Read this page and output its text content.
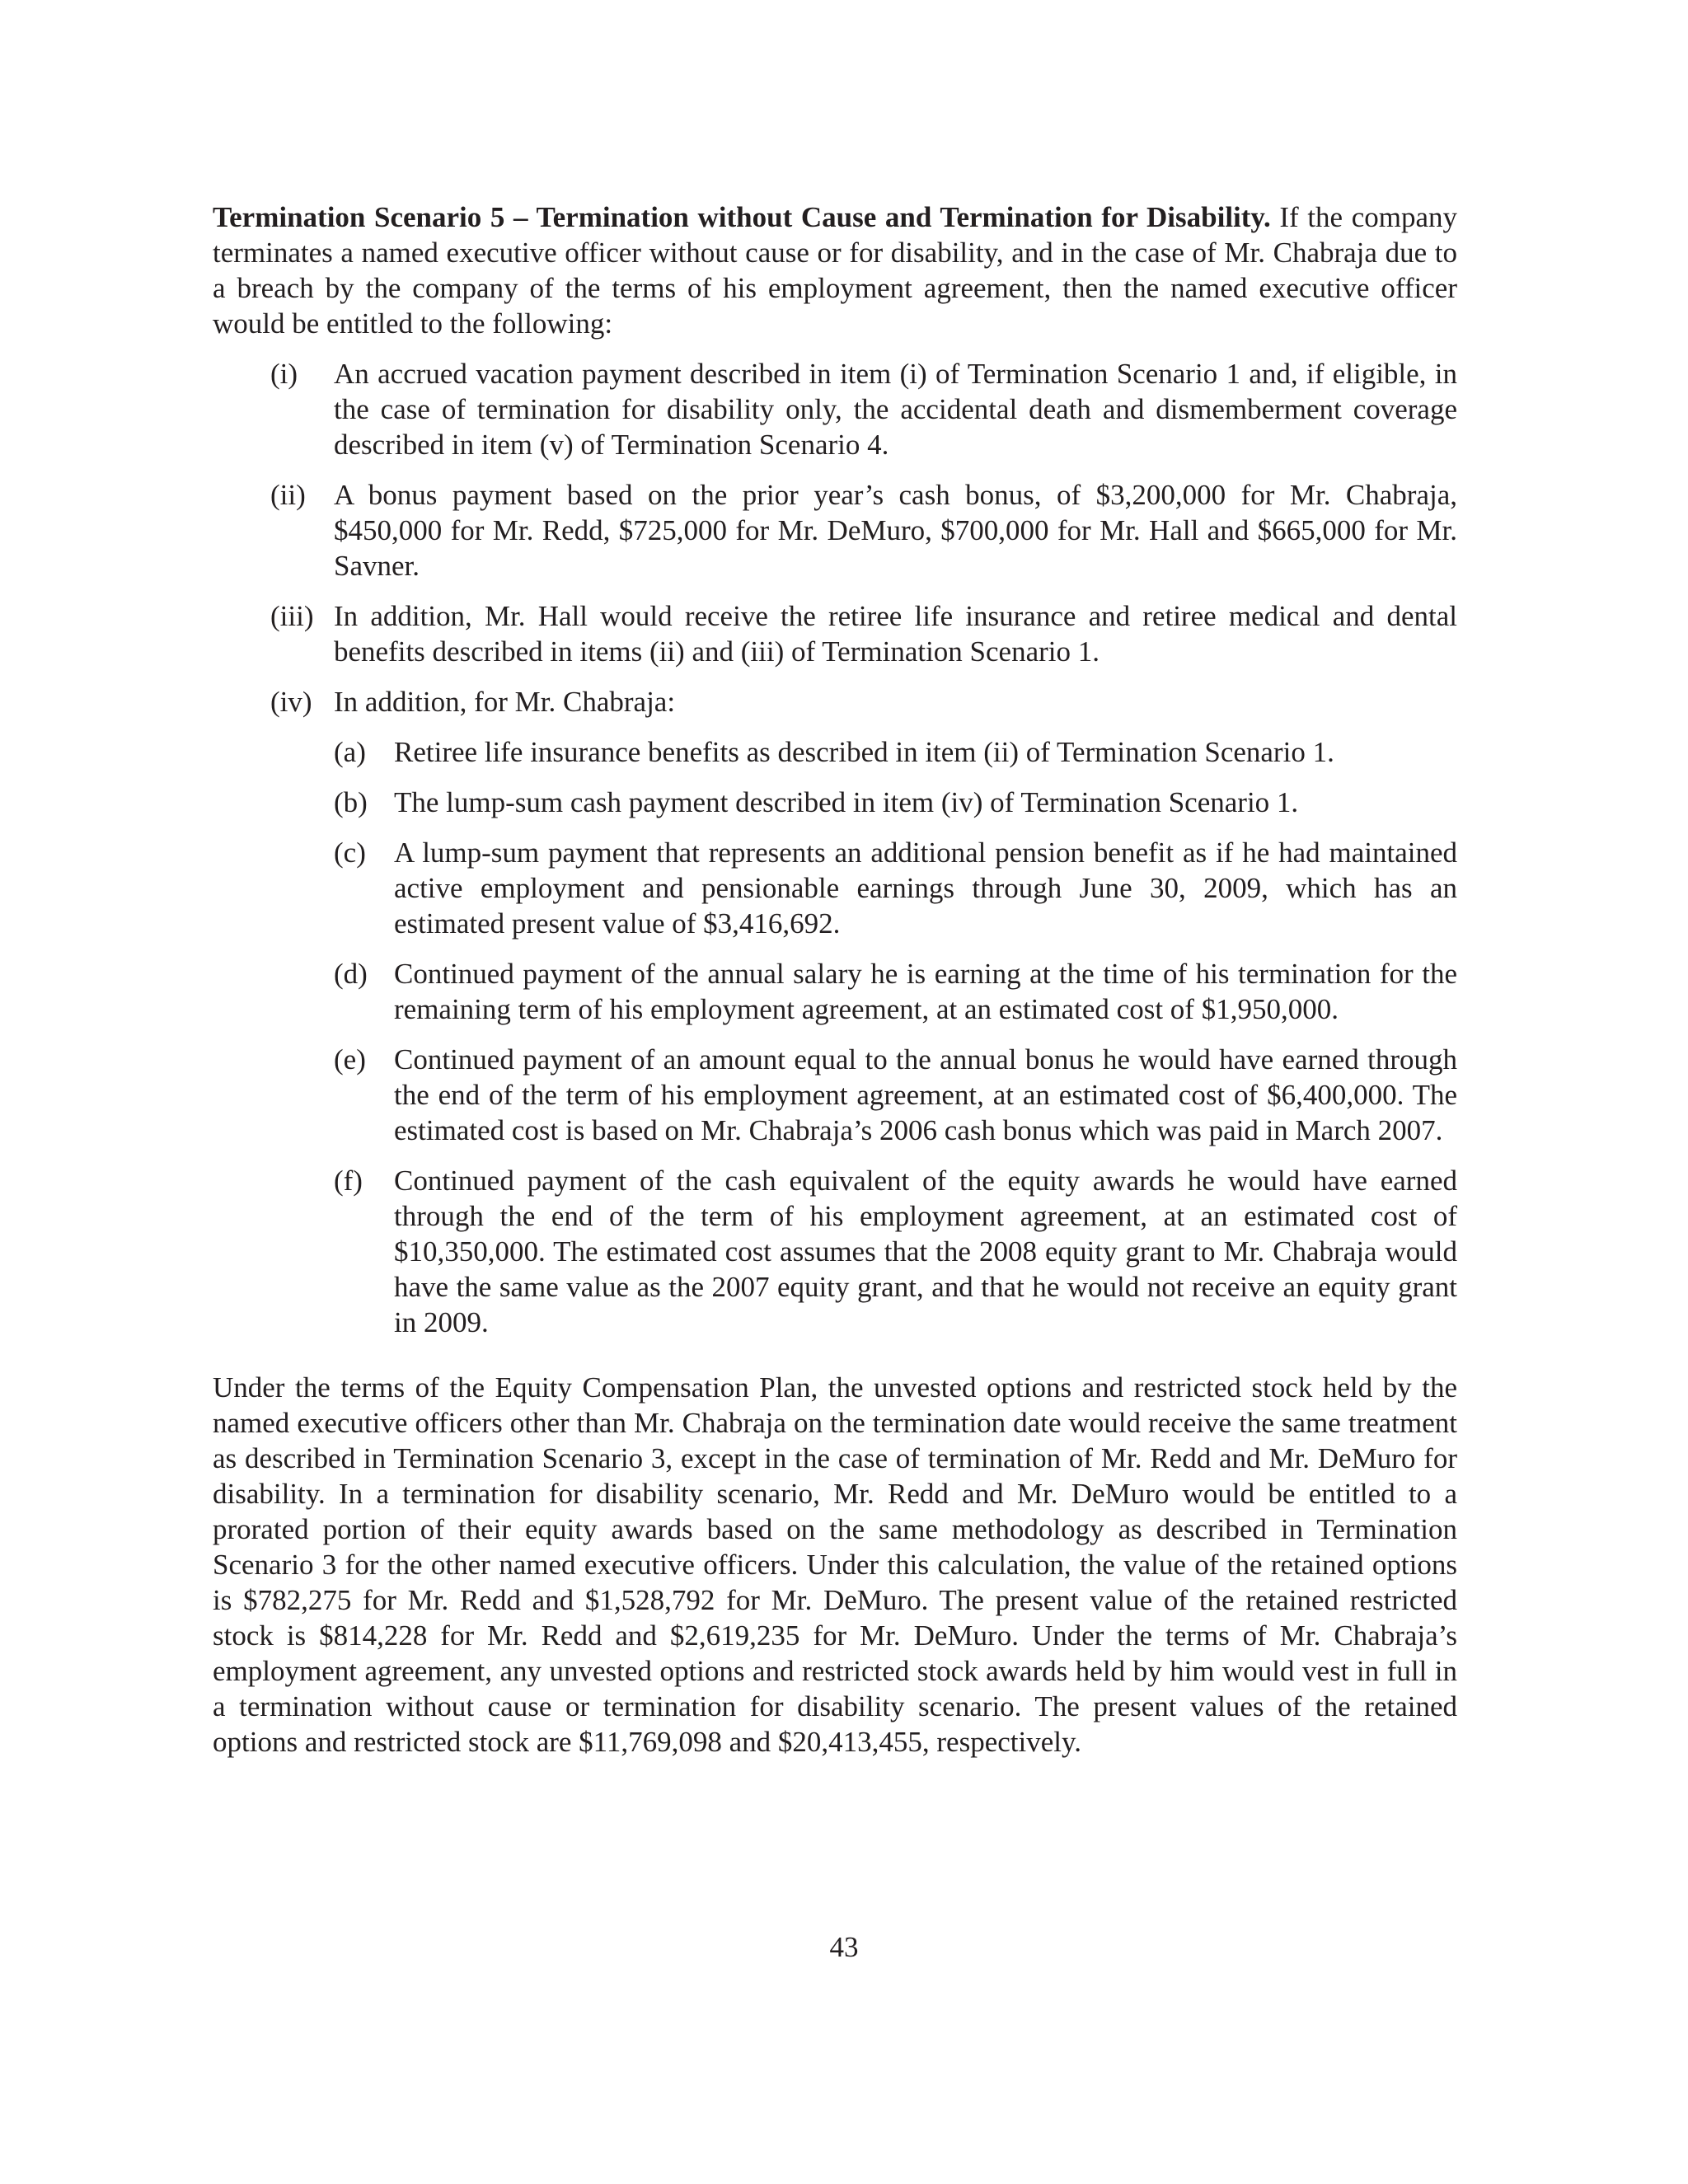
Termination Scenario 5 – Termination without Cause and Termination for Disability. If the company terminates a named executive officer without cause or for disability, and in the case of Mr. Chabraja due to a breach by the company of the terms of his employment agreement, then the named executive officer would be entitled to the following:

(i)	An accrued vacation payment described in item (i) of Termination Scenario 1 and, if eligible, in the case of termination for disability only, the accidental death and dismemberment coverage described in item (v) of Termination Scenario 4.
(ii) A bonus payment based on the prior year’s cash bonus, of $3,200,000 for Mr. Chabraja, $450,000 for Mr. Redd, $725,000 for Mr. DeMuro, $700,000 for Mr. Hall and $665,000 for Mr. Savner.
(iii) In addition, Mr. Hall would receive the retiree life insurance and retiree medical and dental benefits described in items (ii) and (iii) of Termination Scenario 1.
(iv) In addition, for Mr. Chabraja:
(a) Retiree life insurance benefits as described in item (ii) of Termination Scenario 1.
(b) The lump-sum cash payment described in item (iv) of Termination Scenario 1.
(c) A lump-sum payment that represents an additional pension benefit as if he had maintained active employment and pensionable earnings through June 30, 2009, which has an estimated present value of $3,416,692.
(d) Continued payment of the annual salary he is earning at the time of his termination for the remaining term of his employment agreement, at an estimated cost of $1,950,000.
(e) Continued payment of an amount equal to the annual bonus he would have earned through the end of the term of his employment agreement, at an estimated cost of $6,400,000. The estimated cost is based on Mr. Chabraja’s 2006 cash bonus which was paid in March 2007.
(f)	Continued payment of the cash equivalent of the equity awards he would have earned through the end of the term of his employment agreement, at an estimated cost of $10,350,000. The estimated cost assumes that the 2008 equity grant to Mr. Chabraja would have the same value as the 2007 equity grant, and that he would not receive an equity grant in 2009.

Under the terms of the Equity Compensation Plan, the unvested options and restricted stock held by the named executive officers other than Mr. Chabraja on the termination date would receive the same treatment as described in Termination Scenario 3, except in the case of termination of Mr. Redd and Mr. DeMuro for disability. In a termination for disability scenario, Mr. Redd and Mr. DeMuro would be entitled to a prorated portion of their equity awards based on the same methodology as described in Termination Scenario 3 for the other named executive officers. Under this calculation, the value of the retained options is $782,275 for Mr. Redd and $1,528,792 for Mr. DeMuro. The present value of the retained restricted stock is $814,228 for Mr. Redd and $2,619,235 for Mr. DeMuro. Under the terms of Mr. Chabraja’s employment agreement, any unvested options and restricted stock awards held by him would vest in full in a termination without cause or termination for disability scenario. The present values of the retained options and restricted stock are $11,769,098 and $20,413,455, respectively.

43
